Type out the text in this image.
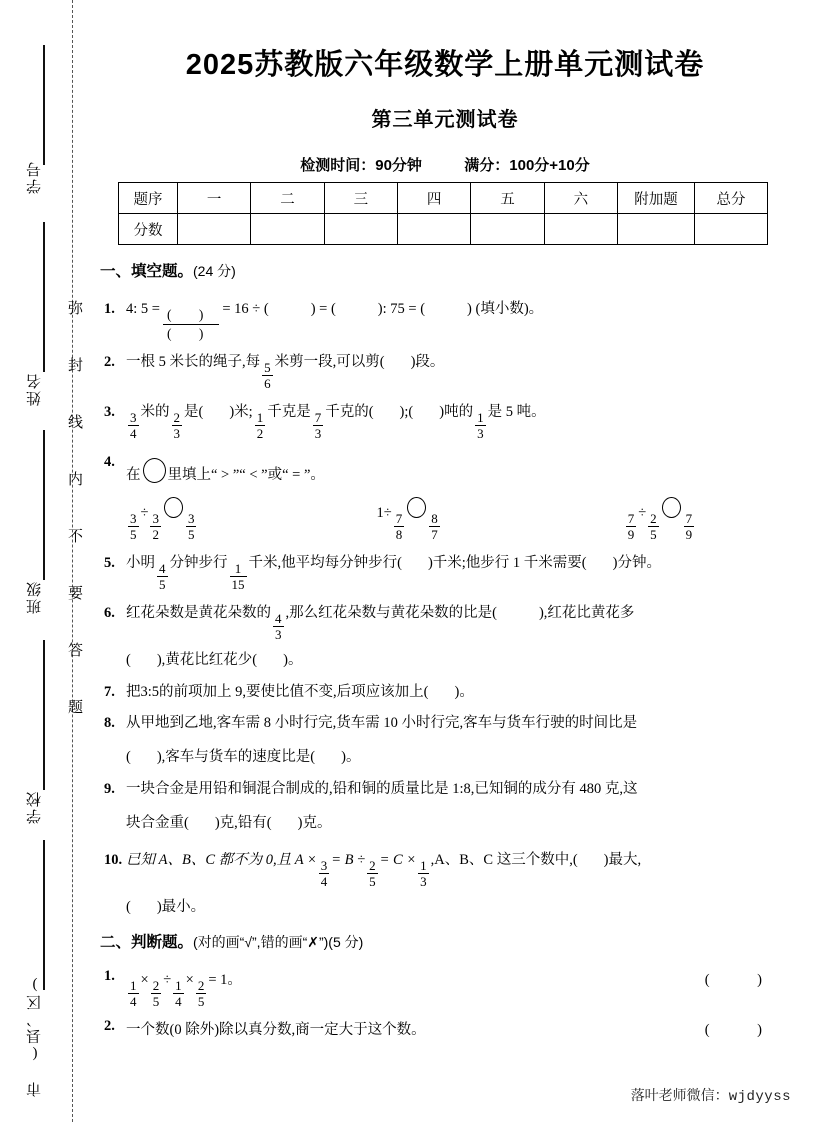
学号
姓名
班级
学校
市 (县、区)
弥封线内不要答题
2025苏教版六年级数学上册单元测试卷
第三单元测试卷
检测时间：90分钟	满分：100分+10分
题序	一	二	三	四	五	六	附加题	总分
分数								
一、填空题。(24 分)
1. 4: $5 = \frac{( )}{( )} = 16$ ÷ (	) = (	): 75 = (	) (填小数)。
2. 一根 5 米长的绳子,每 $\frac{5}{6}$ 米剪一段,可以剪( )段。
3. $\frac{3}{4}$ 米的 $\frac{2}{3}$ 是( )米; $\frac{1}{2}$ 千克是 $\frac{7}{3}$ 千克的( );( )吨的 $\frac{1}{3}$ 是 5 吨。
4.
在 里填上“ > ”“ < ”或“ = ”。
$\frac{3}{5} \div \frac{3}{2} \frac{3}{5}$	$1 \div \frac{7}{8} \frac{8}{7}$	$\frac{7}{9} \div \frac{2}{5} \frac{7}{9}$
5. 小明 $\frac{4}{5}$ 分钟步行 $\frac{1}{15}$ 千米,他平均每分钟步行( )千米;他步行 1 千米需要( )分钟。
6. 红花朵数是黄花朵数的 $\frac{4}{3}$ ,那么红花朵数与黄花朵数的比是(	),红花比黄花多
( ),黄花比红花少( )。
7. 把3:5的前项加上 9,要使比值不变,后项应该加上( )。
8. 从甲地到乙地,客车需 8 小时行完,货车需 10 小时行完,客车与货车行驶的时间比是
( ),客车与货车的速度比是( )。
9. 一块合金是用铅和铜混合制成的,铅和铜的质量比是 1:8,已知铜的成分有 480 克,这
块合金重( )克,铅有( )克。
10. 已知 A、B、C 都不为 0,且 $A \times \frac{3}{4} = B \div \frac{2}{5} = C \times \frac{1}{3} ,A$、B、C 这三个数中,( )最大,
( )最小。
二、判断题。(对的画“√”,错的画“✗”)(5 分)
1.
$\frac{1}{4} \times \frac{2}{5} \div \frac{1}{4} \times \frac{2}{5} = 1$。	( )
2. 一个数(0 除外)除以真分数,商一定大于这个数。	( )
落叶老师微信：wjdyyss
